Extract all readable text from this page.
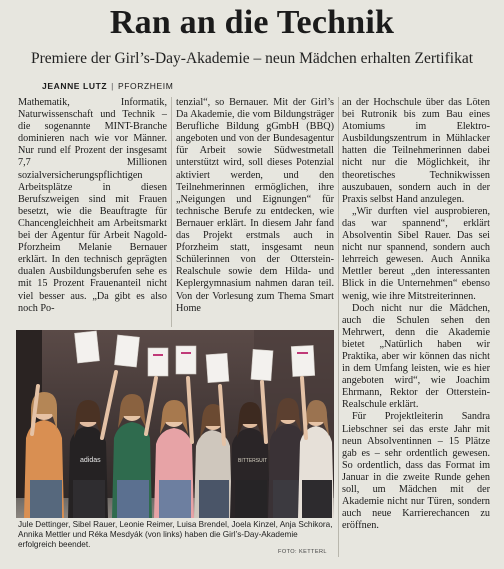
Ran an die Technik
Premiere der Girl’s-Day-Akademie – neun Mädchen erhalten Zertifikat
JEANNE LUTZ | PFORZHEIM

Mathematik, Informatik, Naturwissenschaft und Technik – die sogenannte MINT-Branche dominieren nach wie vor Männer. Nur rund elf Prozent der insgesamt 7,7 Millionen sozialversicherungspflichtigen Arbeitsplätze in diesen Berufszweigen sind mit Frauen besetzt, wie die Beauftragte für Chancengleichheit am Arbeitsmarkt bei der Agentur für Arbeit Nagold-Pforzheim Melanie Bernauer erklärt. In den technisch geprägten dualen Ausbildungsberufen sehe es mit 15 Prozent Frauenanteil nicht viel besser aus. „Da gibt es also noch Po-

tenzial“, so Bernauer. Mit der Girl’s Da Akademie, die vom Bildungsträger Berufliche Bildung gGmbH (BBQ) angeboten und von der Bundesagentur für Arbeit sowie Südwestmetall unterstützt wird, soll dieses Potenzial aktiviert werden, und den Teilnehmerinnen ermöglichen, ihre „Neigungen und Eignungen“ für technische Berufe zu entdecken, wie Bernauer erklärt. In diesem Jahr fand das Projekt erstmals auch in Pforzheim statt, insgesamt neun Schülerinnen von der Otterstein-Realschule sowie dem Hilda- und Keplergymnasium nahmen daran teil. Von der Vorlesung zum Thema Smart Home

an der Hochschule über das Löten bei Rutronik bis zum Bau eines Atomiums im Elektro-Ausbildungszentrum in Mühlacker hatten die Teilnehmerinnen dabei nicht nur die Möglichkeit, ihr theoretisches Technikwissen auszubauen, sondern auch in der Praxis selbst Hand anzulegen.

„Wir durften viel ausprobieren, das war spannend“, erklärt Absolventin Sibel Rauer. Das sei nicht nur spannend, sondern auch lehrreich gewesen. Auch Annika Mettler bereut „den interessanten Blick in die Unternehmen“ ebenso wenig, wie ihre Mitstreiterinnen.

Doch nicht nur die Mädchen, auch die Schulen sehen den Mehrwert, denn die Akademie bietet „Natürlich haben wir Praktika, aber wir können das nicht in dem Umfang leisten, wie es hier angeboten wird“, wie Joachim Ehrmann, Rektor der Otterstein-Realschule erklärt.

Für Projektleiterin Sandra Liebschner sei das erste Jahr mit neun Absolventinnen – 15 Plätze gab es – sehr ordentlich gewesen. So ordentlich, dass das Format im Januar in die zweite Runde gehen soll, um Mädchen mit der Akademie nicht nur Türen, sondern auch neue Karrierechancen zu eröffnen.

adidas	BITTERSUIT
Jule Dettinger, Sibel Rauer, Leonie Reimer, Luisa Brendel, Joela Kinzel, Anja Schikora, Annika Mettler und Réka Mesdyák (von links) haben die Girl’s-Day-Akademie erfolgreich beendet.
FOTO: KETTERL
